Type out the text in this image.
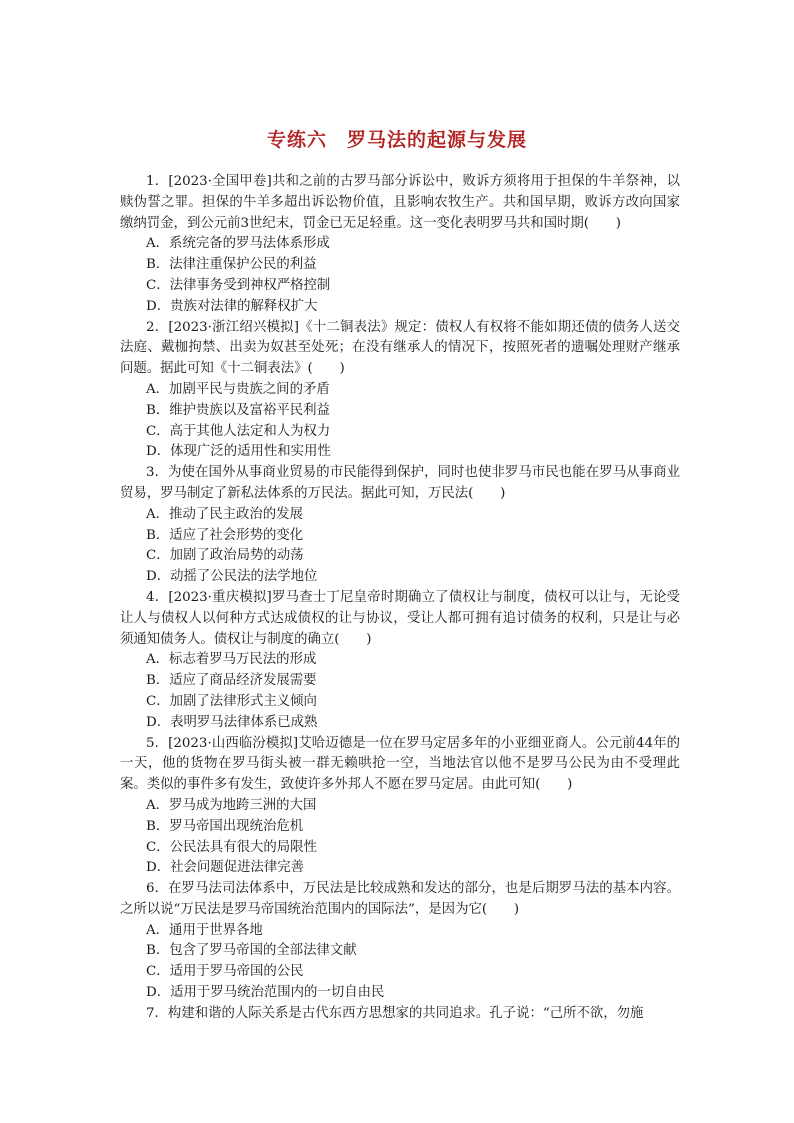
专练六　罗马法的起源与发展

1．[2023·全国甲卷]共和之前的古罗马部分诉讼中，败诉方须将用于担保的牛羊祭神，以赎伪誓之罪。担保的牛羊多超出诉讼物价值，且影响农牧生产。共和国早期，败诉方改向国家缴纳罚金，到公元前3世纪末，罚金已无足轻重。这一变化表明罗马共和国时期(　　)

A．系统完备的罗马法体系形成

B．法律注重保护公民的利益

C．法律事务受到神权严格控制

D．贵族对法律的解释权扩大

2．[2023·浙江绍兴模拟]《十二铜表法》规定：债权人有权将不能如期还债的债务人送交法庭、戴枷拘禁、出卖为奴甚至处死；在没有继承人的情况下，按照死者的遗嘱处理财产继承问题。据此可知《十二铜表法》(　　)

A．加剧平民与贵族之间的矛盾

B．维护贵族以及富裕平民利益

C．高于其他人法定和人为权力

D．体现广泛的适用性和实用性

3．为使在国外从事商业贸易的市民能得到保护，同时也使非罗马市民也能在罗马从事商业贸易，罗马制定了新私法体系的万民法。据此可知，万民法(　　)

A．推动了民主政治的发展

B．适应了社会形势的变化

C．加剧了政治局势的动荡

D．动摇了公民法的法学地位

4．[2023·重庆模拟]罗马查士丁尼皇帝时期确立了债权让与制度，债权可以让与，无论受让人与债权人以何种方式达成债权的让与协议，受让人都可拥有追讨债务的权利，只是让与必须通知债务人。债权让与制度的确立(　　)

A．标志着罗马万民法的形成

B．适应了商品经济发展需要

C．加剧了法律形式主义倾向

D．表明罗马法律体系已成熟

5．[2023·山西临汾模拟]艾哈迈德是一位在罗马定居多年的小亚细亚商人。公元前44年的一天，他的货物在罗马街头被一群无赖哄抢一空，当地法官以他不是罗马公民为由不受理此案。类似的事件多有发生，致使许多外邦人不愿在罗马定居。由此可知(　　)

A．罗马成为地跨三洲的大国

B．罗马帝国出现统治危机

C．公民法具有很大的局限性

D．社会问题促进法律完善

6．在罗马法司法体系中，万民法是比较成熟和发达的部分，也是后期罗马法的基本内容。之所以说“万民法是罗马帝国统治范围内的国际法”，是因为它(　　)

A．通用于世界各地

B．包含了罗马帝国的全部法律文献

C．适用于罗马帝国的公民

D．适用于罗马统治范围内的一切自由民

7．构建和谐的人际关系是古代东西方思想家的共同追求。孔子说：“己所不欲，勿施
